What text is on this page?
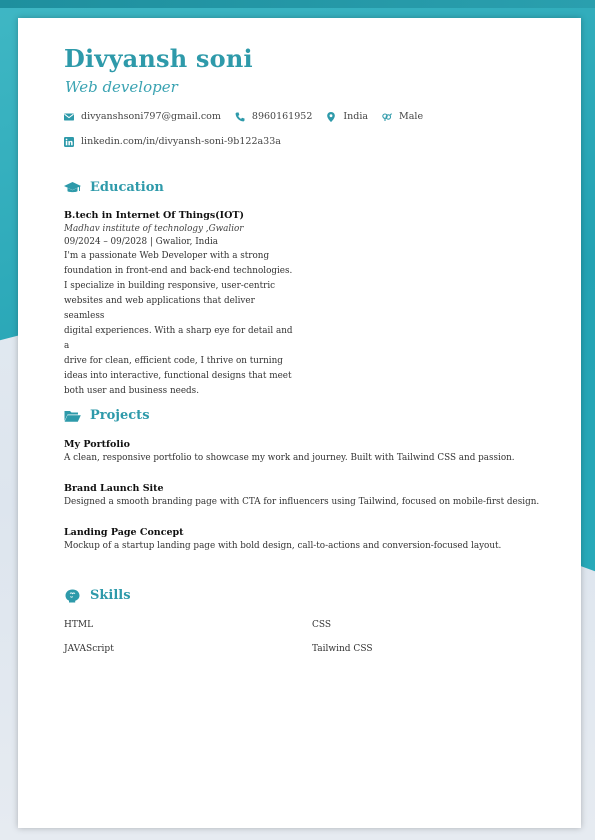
Divyansh soni
Web developer
divyanshsoni797@gmail.com	8960161952	India	Male
linkedin.com/in/divyansh-soni-9b122a33a
Education
B.tech in Internet Of Things(IOT)
Madhav institute of technology ,Gwalior
09/2024 – 09/2028 | Gwalior, India
I'm a passionate Web Developer with a strong
foundation in front-end and back-end technologies.
I specialize in building responsive, user-centric
websites and web applications that deliver seamless
digital experiences. With a sharp eye for detail and a
drive for clean, efficient code, I thrive on turning
ideas into interactive, functional designs that meet
both user and business needs.
Projects
My Portfolio
A clean, responsive portfolio to showcase my work and journey. Built with Tailwind CSS and passion.
Brand Launch Site
Designed a smooth branding page with CTA for influencers using Tailwind, focused on mobile-first design.
Landing Page Concept
Mockup of a startup landing page with bold design, call-to-actions and conversion-focused layout.
Skills
HTML	CSS
JAVAScript	Tailwind CSS
